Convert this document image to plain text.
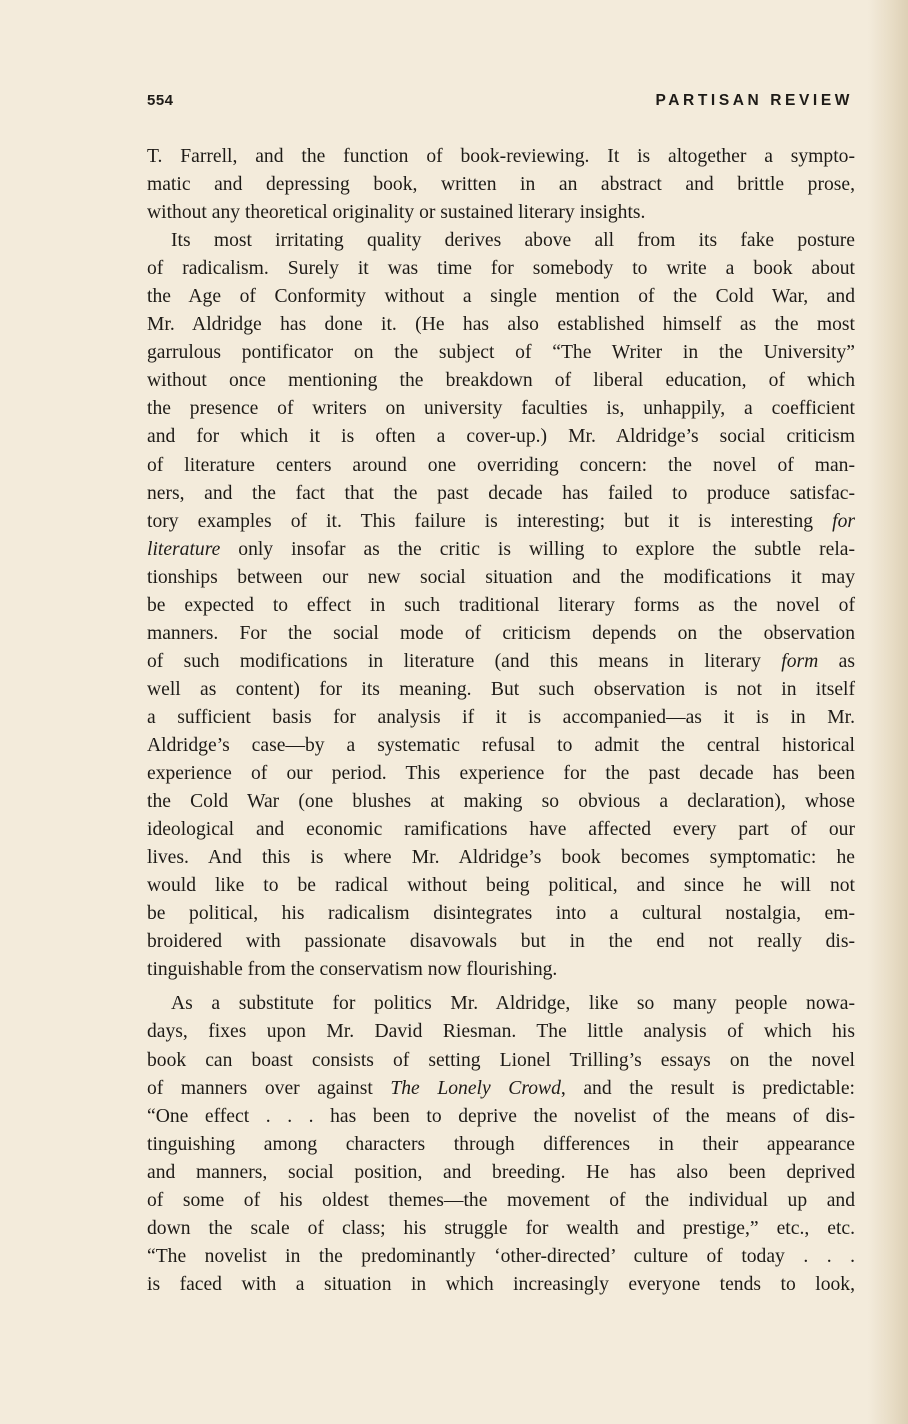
554	PARTISAN REVIEW
T. Farrell, and the function of book-reviewing. It is altogether a sympto-
matic and depressing book, written in an abstract and brittle prose,
without any theoretical originality or sustained literary insights.
Its most irritating quality derives above all from its fake posture
of radicalism. Surely it was time for somebody to write a book about
the Age of Conformity without a single mention of the Cold War, and
Mr. Aldridge has done it. (He has also established himself as the most
garrulous pontificator on the subject of “The Writer in the University”
without once mentioning the breakdown of liberal education, of which
the presence of writers on university faculties is, unhappily, a coefficient
and for which it is often a cover-up.) Mr. Aldridge’s social criticism
of literature centers around one overriding concern: the novel of man-
ners, and the fact that the past decade has failed to produce satisfac-
tory examples of it. This failure is interesting; but it is interesting for
literature only insofar as the critic is willing to explore the subtle rela-
tionships between our new social situation and the modifications it may
be expected to effect in such traditional literary forms as the novel of
manners. For the social mode of criticism depends on the observation
of such modifications in literature (and this means in literary form as
well as content) for its meaning. But such observation is not in itself
a sufficient basis for analysis if it is accompanied—as it is in Mr.
Aldridge’s case—by a systematic refusal to admit the central historical
experience of our period. This experience for the past decade has been
the Cold War (one blushes at making so obvious a declaration), whose
ideological and economic ramifications have affected every part of our
lives. And this is where Mr. Aldridge’s book becomes symptomatic: he
would like to be radical without being political, and since he will not
be political, his radicalism disintegrates into a cultural nostalgia, em-
broidered with passionate disavowals but in the end not really dis-
tinguishable from the conservatism now flourishing.
As a substitute for politics Mr. Aldridge, like so many people nowa-
days, fixes upon Mr. David Riesman. The little analysis of which his
book can boast consists of setting Lionel Trilling’s essays on the novel
of manners over against The Lonely Crowd, and the result is predictable:
“One effect . . . has been to deprive the novelist of the means of dis-
tinguishing among characters through differences in their appearance
and manners, social position, and breeding. He has also been deprived
of some of his oldest themes—the movement of the individual up and
down the scale of class; his struggle for wealth and prestige,” etc., etc.
“The novelist in the predominantly ‘other-directed’ culture of today . . .
is faced with a situation in which increasingly everyone tends to look,
